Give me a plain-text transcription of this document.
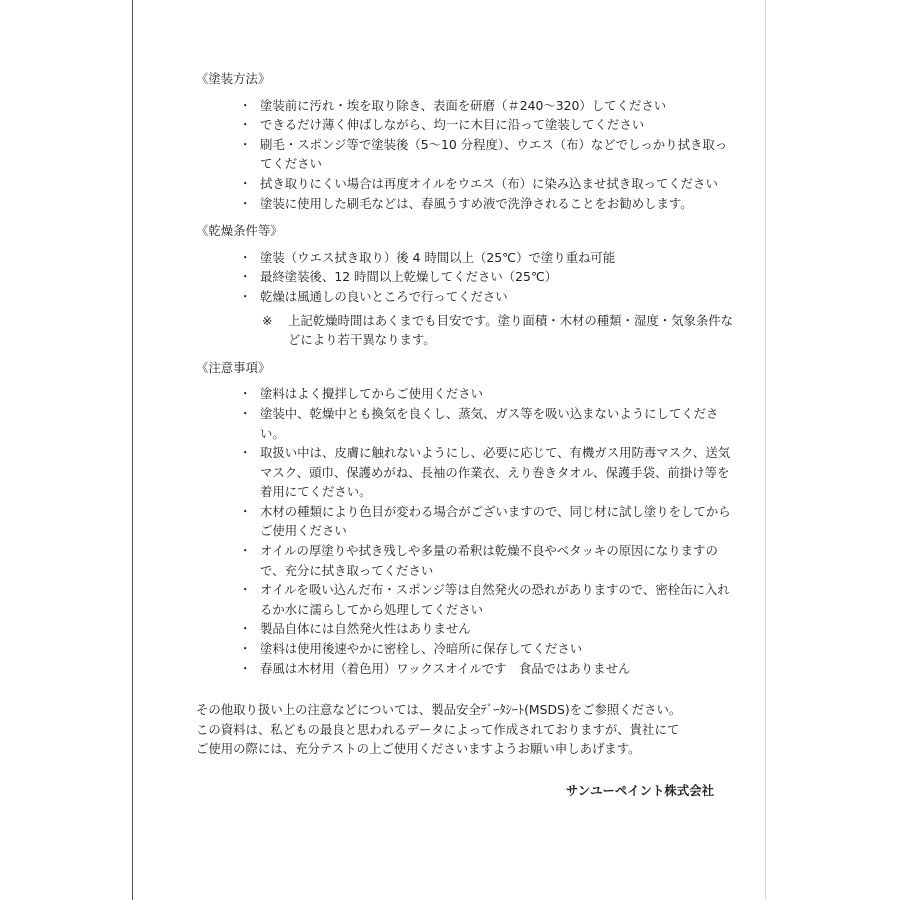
《塗装方法》
・ 塗装前に汚れ・埃を取り除き、表面を研磨（＃240～320）してください
・ できるだけ薄く伸ばしながら、均一に木目に沿って塗装してください
・ 刷毛・スポンジ等で塗装後（5～10 分程度）、ウエス（布）などでしっかり拭き取ってください
・ 拭き取りにくい場合は再度オイルをウエス（布）に染み込ませ拭き取ってください
・ 塗装に使用した刷毛などは、春風うすめ液で洗浄されることをお勧めします。
《乾燥条件等》
・ 塗装（ウエス拭き取り）後 4 時間以上（25℃）で塗り重ね可能
・ 最終塗装後、12 時間以上乾燥してください（25℃）
・ 乾燥は風通しの良いところで行ってください
※ 上記乾燥時間はあくまでも目安です。塗り面積・木材の種類・湿度・気象条件などにより若干異なります。
《注意事項》
・ 塗料はよく攪拌してからご使用ください
・ 塗装中、乾燥中とも換気を良くし、蒸気、ガス等を吸い込まないようにしてください。
・ 取扱い中は、皮膚に触れないようにし、必要に応じて、有機ガス用防毒マスク、送気マスク、頭巾、保護めがね、長袖の作業衣、えり巻きタオル、保護手袋、前掛け等を着用にてください。
・ 木材の種類により色目が変わる場合がございますので、同じ材に試し塗りをしてからご使用ください
・ オイルの厚塗りや拭き残しや多量の希釈は乾燥不良やベタッキの原因になりますので、充分に拭き取ってください
・ オイルを吸い込んだ布・スポンジ等は自然発火の恐れがありますので、密栓缶に入れるか水に濡らしてから処理してください
・ 製品自体には自然発火性はありません
・ 塗料は使用後速やかに密栓し、冷暗所に保存してください
・ 春風は木材用（着色用）ワックスオイルです　食品ではありません

その他取り扱い上の注意などについては、製品安全ﾃﾞｰﾀｼｰﾄ(MSDS)をご参照ください。

この資料は、私どもの最良と思われるデータによって作成されておりますが、貴社にて

ご使用の際には、充分テストの上ご使用くださいますようお願い申しあげます。

サンユーペイント株式会社
